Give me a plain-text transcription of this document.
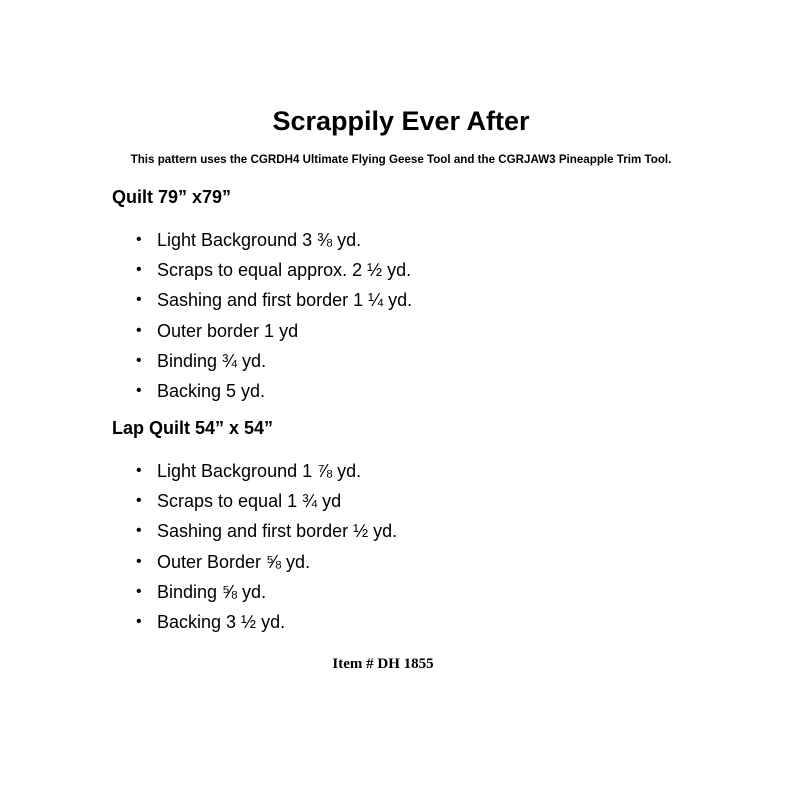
Scrappily Ever After

This pattern uses the CGRDH4 Ultimate Flying Geese Tool and the CGRJAW3 Pineapple Trim Tool.

Quilt 79” x79”
• Light Background 3 ⅜ yd.
• Scraps to equal approx. 2 ½ yd.
• Sashing and first border 1 ¼ yd.
• Outer border 1 yd
• Binding ¾ yd.
• Backing 5 yd.
Lap Quilt 54” x 54”
• Light Background 1 ⅞ yd.
• Scraps to equal 1 ¾ yd
• Sashing and first border ½ yd.
• Outer Border ⅝ yd.
• Binding ⅝ yd.
• Backing 3 ½ yd.

Item # DH 1855
